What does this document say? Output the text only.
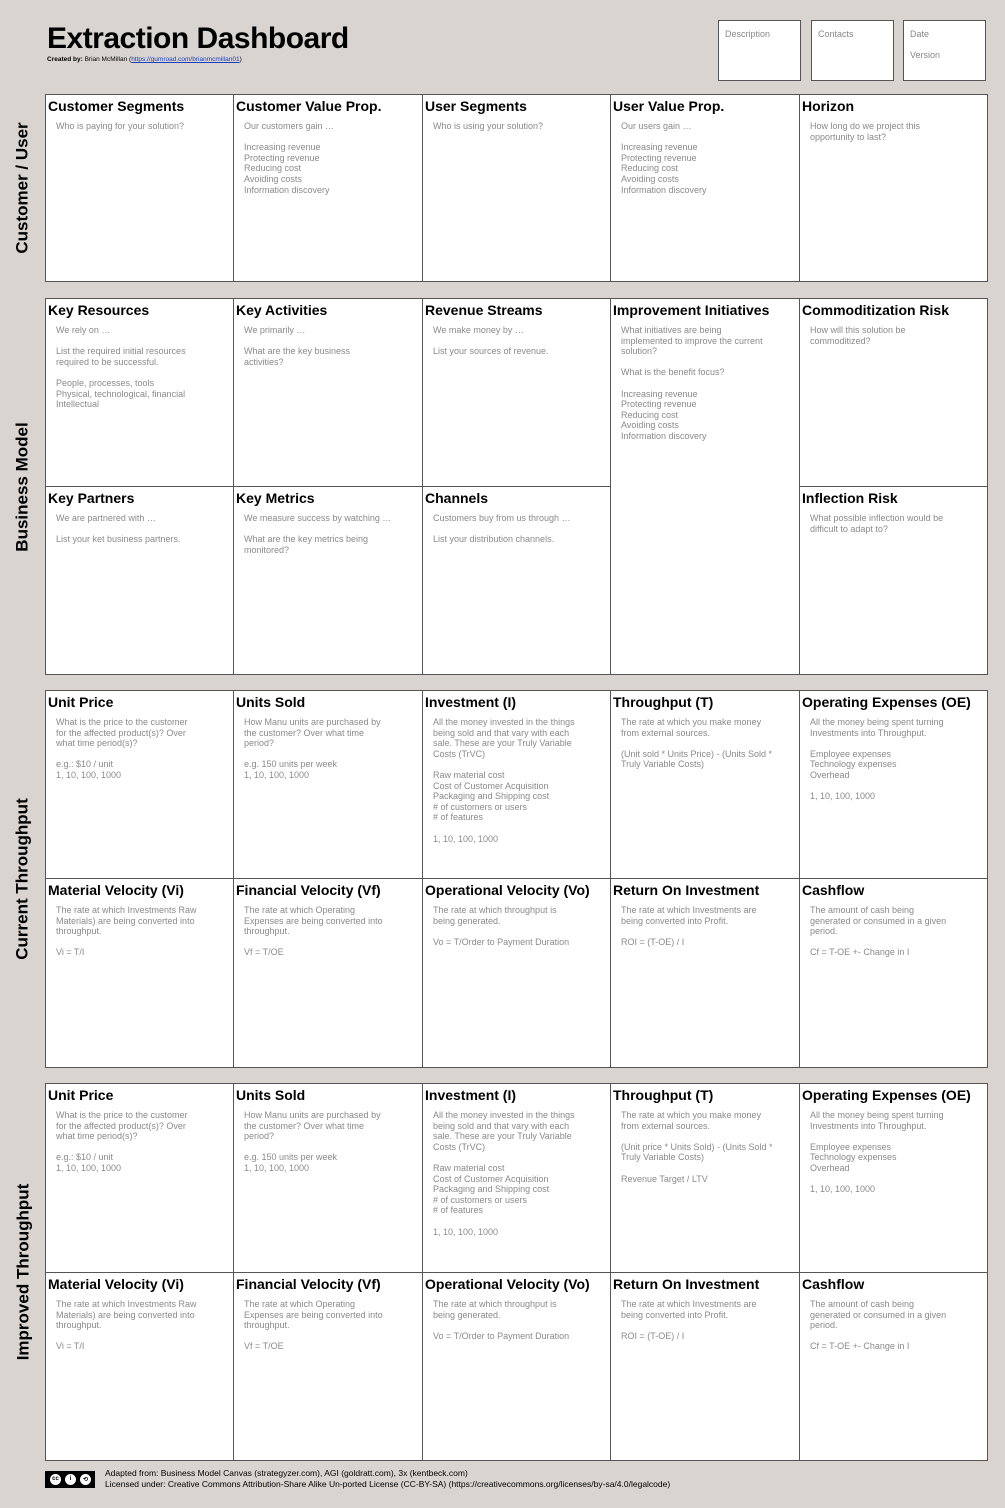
Extraction Dashboard
Created by: Brian McMillan (https://gumroad.com/brianmcmillan01)
Description	Contacts	Date
Version
Customer / User
Business Model
Current Throughput
Improved Throughput
Customer Segments

Who is paying for your solution?

Customer Value Prop.

Our customers gain …

Increasing revenue
Protecting revenue
Reducing cost
Avoiding costs
Information discovery

User Segments

Who is using your solution?

User Value Prop.

Our users gain …

Increasing revenue
Protecting revenue
Reducing cost
Avoiding costs
Information discovery

Horizon

How long do we project this
opportunity to last?

Key Resources

We rely on …

List the required initial resources
required to be successful.

People, processes, tools
Physical, technological, financial
Intellectual

Key Activities

We primarily …

What are the key business
activities?

Revenue Streams

We make money by …

List your sources of revenue.

Improvement Initiatives

What initiatives are being
implemented to improve the current
solution?

What is the benefit focus?

Increasing revenue
Protecting revenue
Reducing cost
Avoiding costs
Information discovery

Commoditization Risk

How will this solution be
commoditized?

Key Partners

We are partnered with …

List your ket business partners.

Key Metrics

We measure success by watching …

What are the key metrics being
monitored?

Channels

Customers buy from us through …

List your distribution channels.

Inflection Risk

What possible inflection would be
difficult to adapt to?

Unit Price

What is the price to the customer
for the affected product(s)? Over
what time period(s)?

e.g.: $10 / unit
1, 10, 100, 1000

Units Sold

How Manu units are purchased by
the customer? Over what time
period?

e.g. 150 units per week
1, 10, 100, 1000

Investment (I)

All the money invested in the things
being sold and that vary with each
sale. These are your Truly Variable
Costs (TrVC)

Raw material cost
Cost of Customer Acquisition
Packaging and Shipping cost
# of customers or users
# of features

1, 10, 100, 1000

Throughput (T)

The rate at which you make money
from external sources.

(Unit sold * Units Price) - (Units Sold *
Truly Variable Costs)

Operating Expenses (OE)

All the money being spent turning
Investments into Throughput.

Employee expenses
Technology expenses
Overhead

1, 10, 100, 1000

Material Velocity (Vi)

The rate at which Investments Raw
Materials) are being converted into
throughput.

Vi = T/I

Financial Velocity (Vf)

The rate at which Operating
Expenses are being converted into
throughput.

Vf = T/OE

Operational Velocity (Vo)

The rate at which throughput is
being generated.

Vo = T/Order to Payment Duration

Return On Investment

The rate at which Investments are
being converted into Profit.

ROI = (T-OE) / I

Cashflow

The amount of cash being
generated or consumed in a given
period.

Cf = T-OE +- Change in I

Unit Price

What is the price to the customer
for the affected product(s)? Over
what time period(s)?

e.g.: $10 / unit
1, 10, 100, 1000

Units Sold

How Manu units are purchased by
the customer? Over what time
period?

e.g. 150 units per week
1, 10, 100, 1000

Investment (I)

All the money invested in the things
being sold and that vary with each
sale. These are your Truly Variable
Costs (TrVC)

Raw material cost
Cost of Customer Acquisition
Packaging and Shipping cost
# of customers or users
# of features

1, 10, 100, 1000

Throughput (T)

The rate at which you make money
from external sources.

(Unit price * Units Sold) - (Units Sold *
Truly Variable Costs)

Revenue Target / LTV

Operating Expenses (OE)

All the money being spent turning
Investments into Throughput.

Employee expenses
Technology expenses
Overhead

1, 10, 100, 1000

Material Velocity (Vi)

The rate at which Investments Raw
Materials) are being converted into
throughput.

Vi = T/I

Financial Velocity (Vf)

The rate at which Operating
Expenses are being converted into
throughput.

Vf = T/OE

Operational Velocity (Vo)

The rate at which throughput is
being generated.

Vo = T/Order to Payment Duration

Return On Investment

The rate at which Investments are
being converted into Profit.

ROI = (T-OE) / I

Cashflow

The amount of cash being
generated or consumed in a given
period.

Cf = T-OE +- Change in I

cc	i	⟲
Adapted from: Business Model Canvas (strategyzer.com), AGI (goldratt.com), 3x (kentbeck.com)
Licensed under: Creative Commons Attribution-Share Alike Un-ported License (CC-BY-SA) (https://creativecommons.org/licenses/by-sa/4.0/legalcode)
